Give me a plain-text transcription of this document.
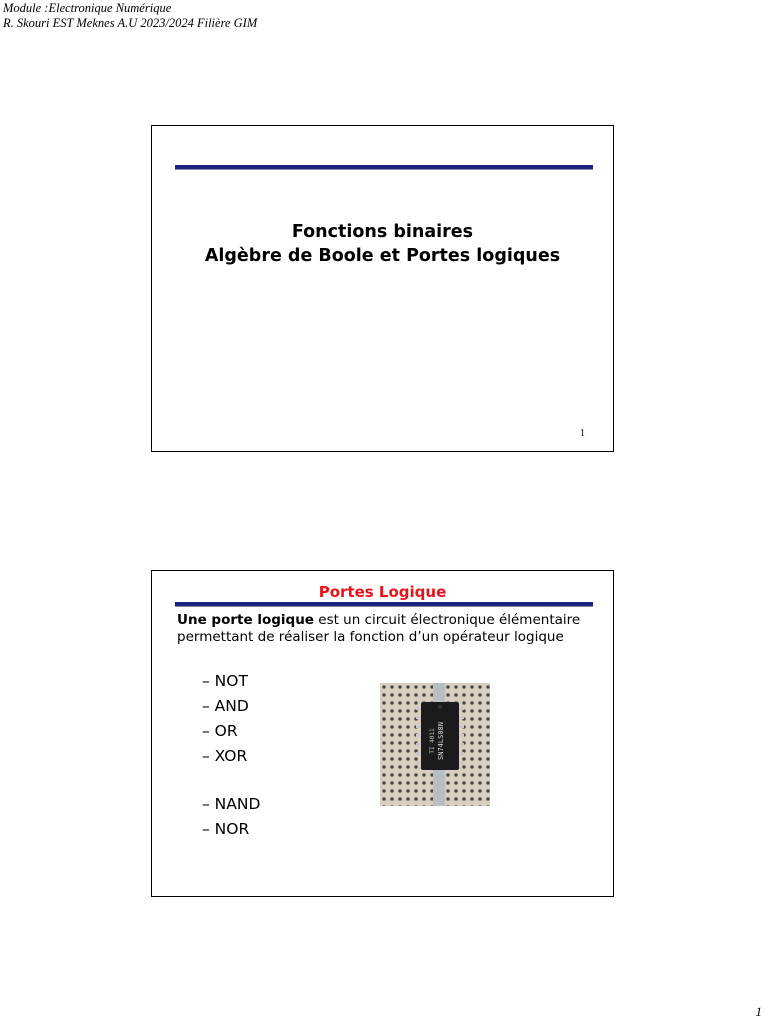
Module :Electronique Numérique
R. Skouri EST Meknes A.U 2023/2024 Filière GIM
Fonctions binaires
Algèbre de Boole et Portes logiques
1
Portes Logique
Une porte logique est un circuit électronique élémentaire permettant de réaliser la fonction d’un opérateur logique
– NOT
– AND
– OR
– XOR
– NAND
– NOR
SN74LS08N
TI 4011
1
